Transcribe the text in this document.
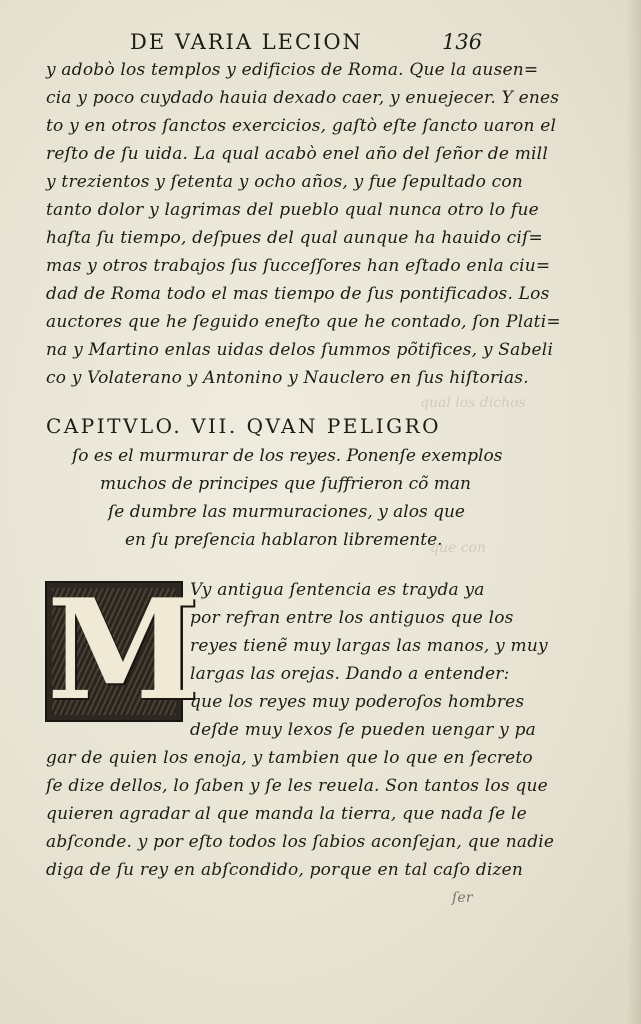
qual los dichos
que con
DE VARIA LECION	136
y adobò los templos y edificios de Roma. Que la ausen=
cia y poco cuydado hauia dexado caer, y enuejecer. Y enes
to y en otros ſanctos exercicios, gaſtò eſte ſancto uaron el
reſto de ſu uida. La qual acabò enel año del ſeñor de mill
y trezientos y ſetenta y ocho años, y fue ſepultado con
tanto dolor y lagrimas del pueblo qual nunca otro lo fue
haſta ſu tiempo, deſpues del qual aunque ha hauido ciſ=
mas y otros trabajos ſus ſucceſſores han eſtado enla ciu=
dad de Roma todo el mas tiempo de ſus pontificados. Los
auctores que he ſeguido eneſto que he contado, ſon Plati=
na y Martino enlas uidas delos ſummos põtifices, y Sabeli
co y Volaterano y Antonino y Nauclero en ſus hiſtorias.
CAPITVLO. VII. QVAN PELIGRO
ſo es el murmurar de los reyes. Ponenſe exemplos
muchos de principes que ſuffrieron cõ man
ſe dumbre las murmuraciones, y alos que
en ſu preſencia hablaron libremente.
M
Vy antigua ſentencia es trayda ya
por refran entre los antiguos que los
reyes tienẽ muy largas las manos, y muy
largas las orejas. Dando a entender:
que los reyes muy poderoſos hombres
deſde muy lexos ſe pueden uengar y pa
gar de quien los enoja, y tambien que lo que en ſecreto
ſe dize dellos, lo ſaben y ſe les reuela. Son tantos los que
quieren agradar al que manda la tierra, que nada ſe le
abſconde. y por eſto todos los ſabios aconſejan, que nadie
diga de ſu rey en abſcondido, porque en tal caſo dizen
ſer
